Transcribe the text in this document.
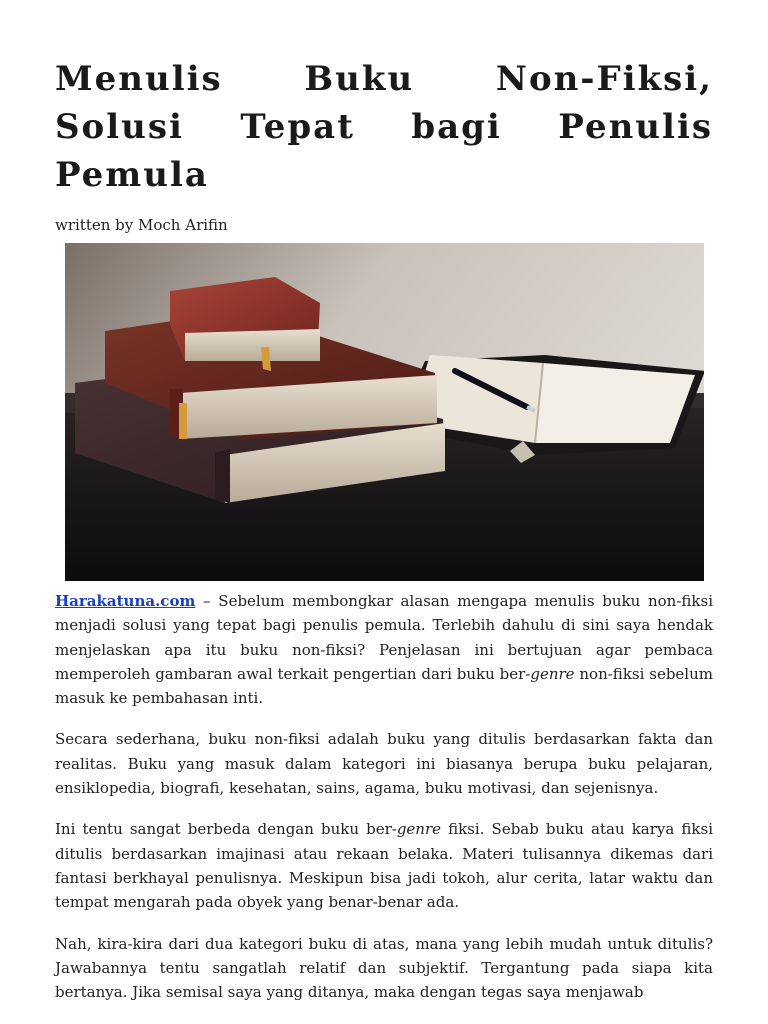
Menulis Buku Non-Fiksi, Solusi Tepat bagi Penulis Pemula

written by Moch Arifin

Harakatuna.com – Sebelum membongkar alasan mengapa menulis buku non-fiksi menjadi solusi yang tepat bagi penulis pemula. Terlebih dahulu di sini saya hendak menjelaskan apa itu buku non-fiksi? Penjelasan ini bertujuan agar pembaca memperoleh gambaran awal terkait pengertian dari buku ber-genre non-fiksi sebelum masuk ke pembahasan inti.

Secara sederhana, buku non-fiksi adalah buku yang ditulis berdasarkan fakta dan realitas. Buku yang masuk dalam kategori ini biasanya berupa buku pelajaran, ensiklopedia, biografi, kesehatan, sains, agama, buku motivasi, dan sejenisnya.

Ini tentu sangat berbeda dengan buku ber-genre fiksi. Sebab buku atau karya fiksi ditulis berdasarkan imajinasi atau rekaan belaka. Materi tulisannya dikemas dari fantasi berkhayal penulisnya. Meskipun bisa jadi tokoh, alur cerita, latar waktu dan tempat mengarah pada obyek yang benar-benar ada.

Nah, kira-kira dari dua kategori buku di atas, mana yang lebih mudah untuk ditulis? Jawabannya tentu sangatlah relatif dan subjektif. Tergantung pada siapa kita bertanya. Jika semisal saya yang ditanya, maka dengan tegas saya menjawab
